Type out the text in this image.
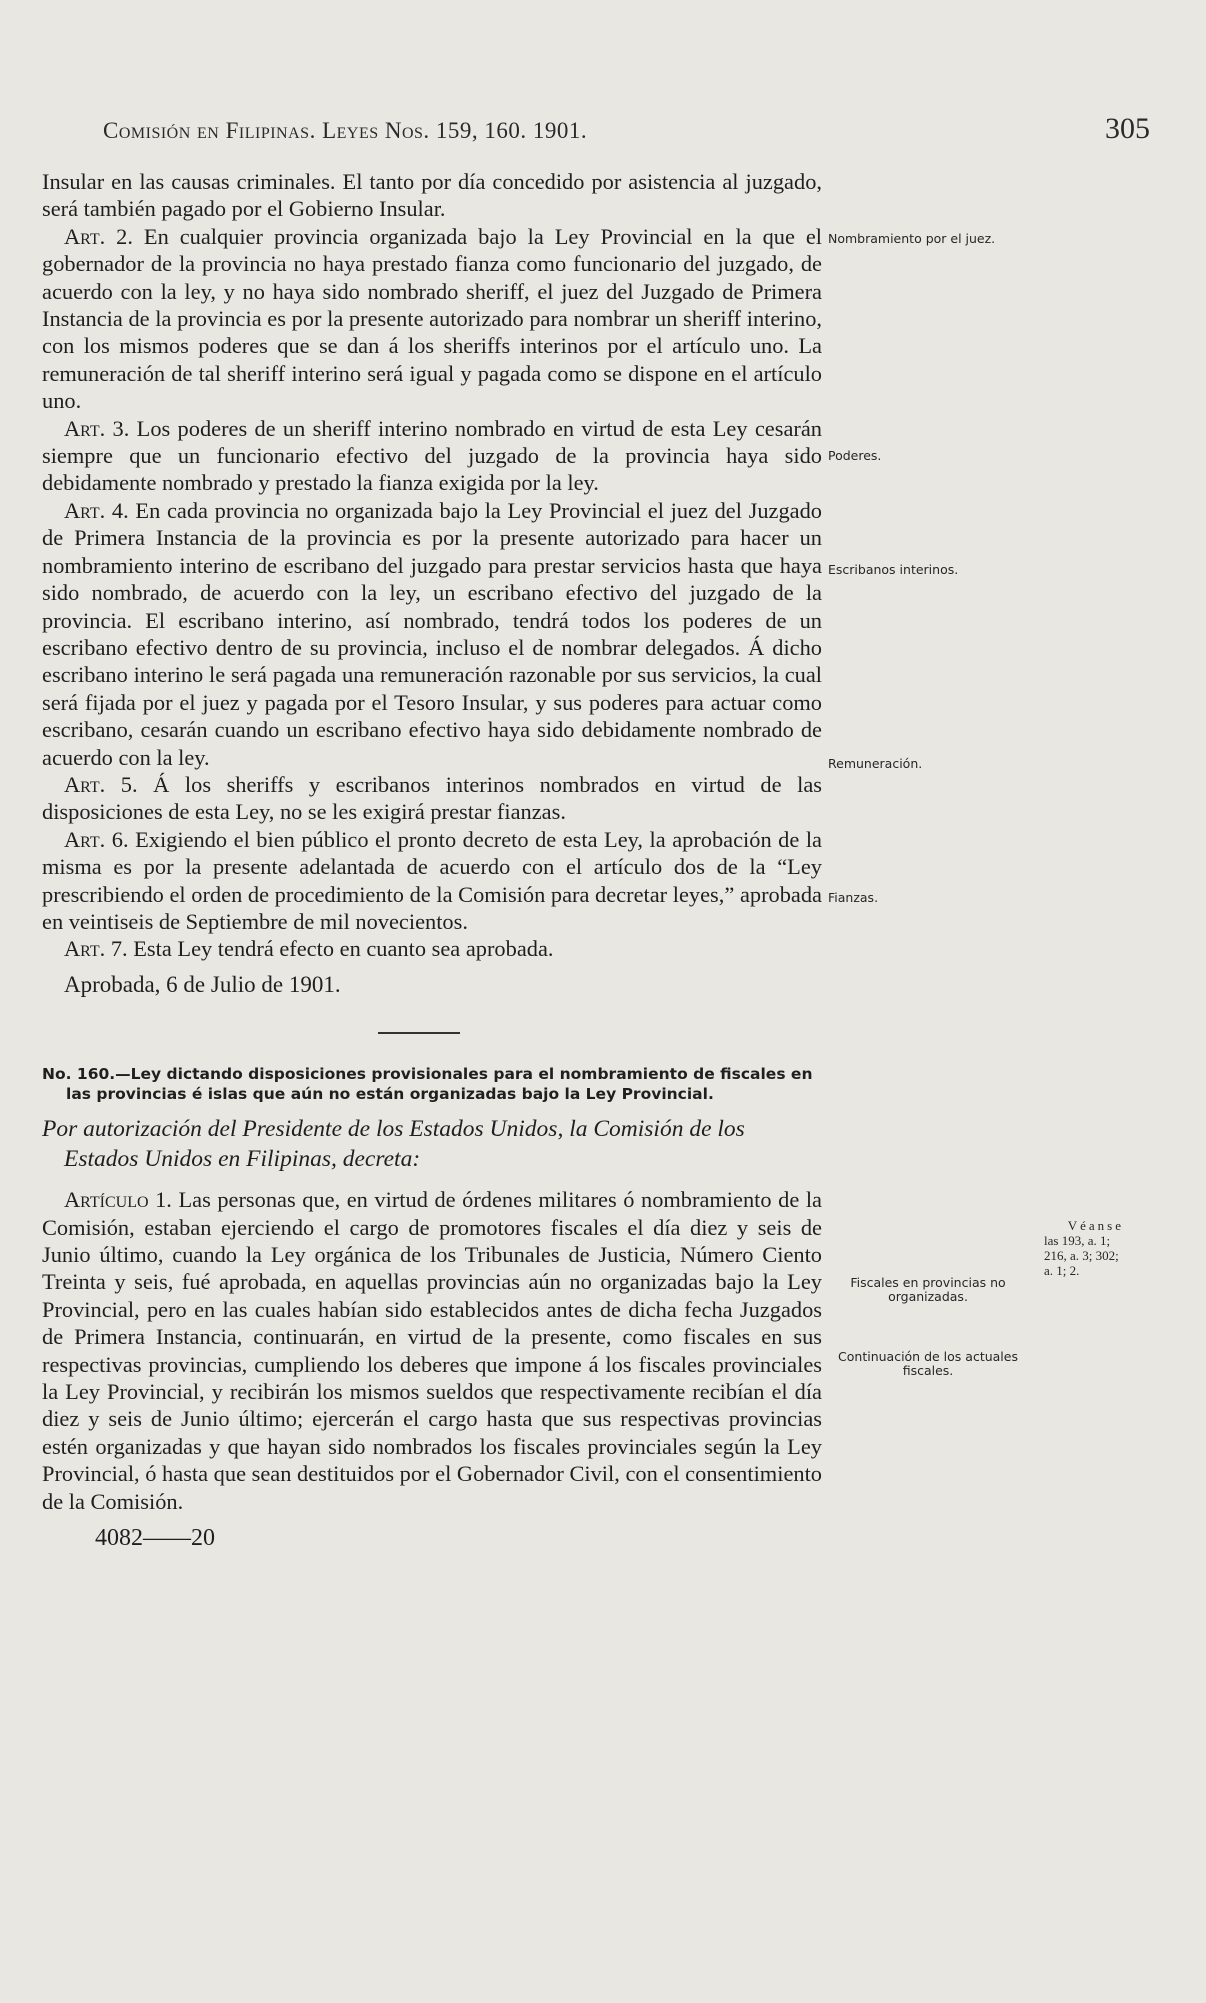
Comisión en Filipinas. Leyes Nos. 159, 160. 1901.	305

Insular en las causas criminales. El tanto por día concedido por asistencia al juzgado, será también pagado por el Gobierno Insular.

Art. 2. En cualquier provincia organizada bajo la Ley Provincial en la que el gobernador de la provincia no haya prestado fianza como funcionario del juzgado, de acuerdo con la ley, y no haya sido nombrado sheriff, el juez del Juzgado de Primera Instancia de la provincia es por la presente autorizado para nombrar un sheriff interino, con los mismos poderes que se dan á los sheriffs interinos por el artículo uno. La remuneración de tal sheriff interino será igual y pagada como se dispone en el artículo uno.

Art. 3. Los poderes de un sheriff interino nombrado en virtud de esta Ley cesarán siempre que un funcionario efectivo del juzgado de la provincia haya sido debidamente nombrado y prestado la fianza exigida por la ley.

Art. 4. En cada provincia no organizada bajo la Ley Provincial el juez del Juzgado de Primera Instancia de la provincia es por la presente autorizado para hacer un nombramiento interino de escribano del juzgado para prestar servicios hasta que haya sido nombrado, de acuerdo con la ley, un escribano efectivo del juzgado de la provincia. El escribano interino, así nombrado, tendrá todos los poderes de un escribano efectivo dentro de su provincia, incluso el de nombrar delegados. Á dicho escribano interino le será pagada una remuneración razonable por sus servicios, la cual será fijada por el juez y pagada por el Tesoro Insular, y sus poderes para actuar como escribano, cesarán cuando un escribano efectivo haya sido debidamente nombrado de acuerdo con la ley.

Art. 5. Á los sheriffs y escribanos interinos nombrados en virtud de las disposiciones de esta Ley, no se les exigirá prestar fianzas.

Art. 6. Exigiendo el bien público el pronto decreto de esta Ley, la aprobación de la misma es por la presente adelantada de acuerdo con el artículo dos de la “Ley prescribiendo el orden de procedimiento de la Comisión para decretar leyes,” aprobada en veintiseis de Septiembre de mil novecientos.

Art. 7. Esta Ley tendrá efecto en cuanto sea aprobada.

Aprobada, 6 de Julio de 1901.

No. 160.—Ley dictando disposiciones provisionales para el nombramiento de fiscales en las provincias é islas que aún no están organizadas bajo la Ley Provincial.

Por autorización del Presidente de los Estados Unidos, la Comisión de los Estados Unidos en Filipinas, decreta:

Artículo 1. Las personas que, en virtud de órdenes militares ó nombramiento de la Comisión, estaban ejerciendo el cargo de promotores fiscales el día diez y seis de Junio último, cuando la Ley orgánica de los Tribunales de Justicia, Número Ciento Treinta y seis, fué aprobada, en aquellas provincias aún no organizadas bajo la Ley Provincial, pero en las cuales habían sido establecidos antes de dicha fecha Juzgados de Primera Instancia, continuarán, en virtud de la presente, como fiscales en sus respectivas provincias, cumpliendo los deberes que impone á los fiscales provinciales la Ley Provincial, y recibirán los mismos sueldos que respectivamente recibían el día diez y seis de Junio último; ejercerán el cargo hasta que sus respectivas provincias estén organizadas y que hayan sido nombrados los fiscales provinciales según la Ley Provincial, ó hasta que sean destituidos por el Gobernador Civil, con el consentimiento de la Comisión.

4082——20

Nombramiento por el juez.
Poderes.
Escribanos interinos.
Remuneración.
Fianzas.
Fiscales en provincias no organizadas.
Continuación de los actuales fiscales.
Véanse
las 193, a. 1; 216, a. 3; 302; a. 1; 2.
